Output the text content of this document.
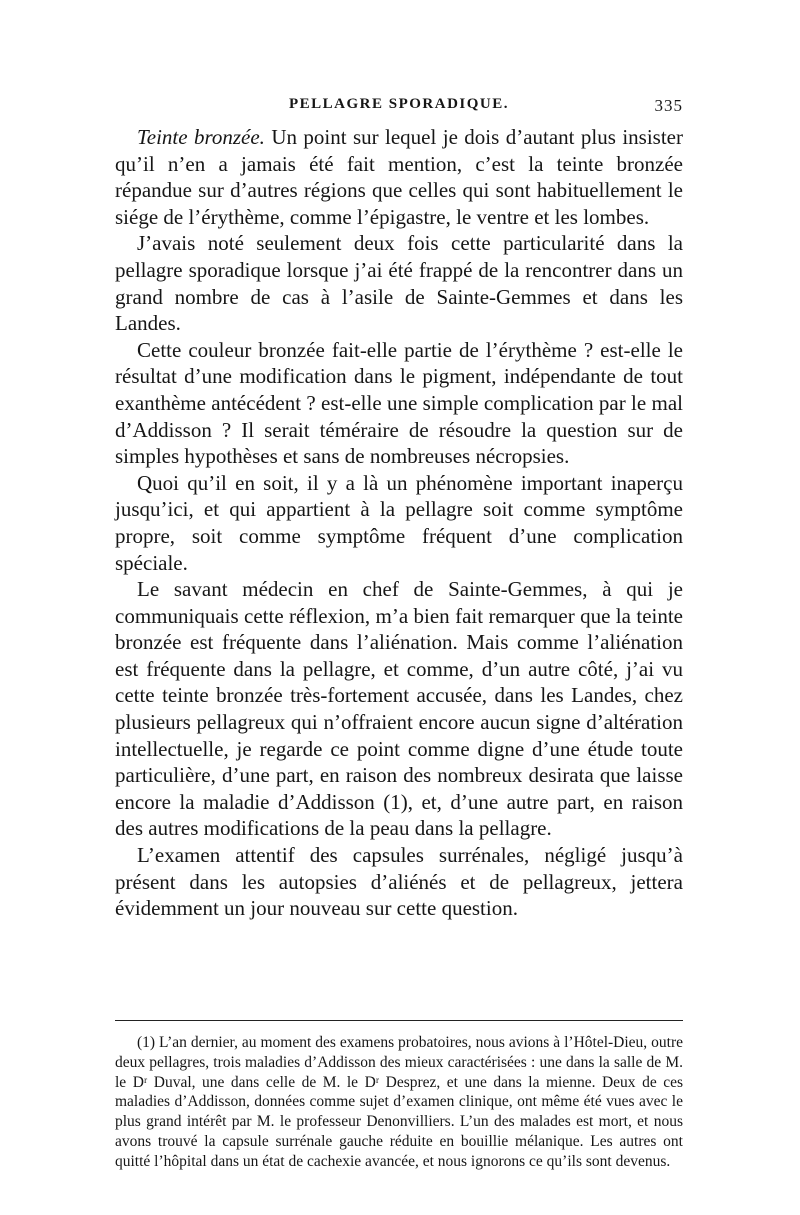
PELLAGRE SPORADIQUE.	335

Teinte bronzée. Un point sur lequel je dois d’autant plus insister qu’il n’en a jamais été fait mention, c’est la teinte bronzée répandue sur d’autres régions que celles qui sont habituellement le siége de l’érythème, comme l’épigastre, le ventre et les lombes.

J’avais noté seulement deux fois cette particularité dans la pellagre sporadique lorsque j’ai été frappé de la rencontrer dans un grand nombre de cas à l’asile de Sainte-Gemmes et dans les Landes.

Cette couleur bronzée fait-elle partie de l’érythème ? est-elle le résultat d’une modification dans le pigment, indépendante de tout exanthème antécédent ? est-elle une simple complication par le mal d’Addisson ? Il serait téméraire de résoudre la question sur de simples hypothèses et sans de nombreuses nécropsies.

Quoi qu’il en soit, il y a là un phénomène important inaperçu jusqu’ici, et qui appartient à la pellagre soit comme symptôme propre, soit comme symptôme fréquent d’une complication spéciale.

Le savant médecin en chef de Sainte-Gemmes, à qui je communiquais cette réflexion, m’a bien fait remarquer que la teinte bronzée est fréquente dans l’aliénation. Mais comme l’aliénation est fréquente dans la pellagre, et comme, d’un autre côté, j’ai vu cette teinte bronzée très-fortement accusée, dans les Landes, chez plusieurs pellagreux qui n’offraient encore aucun signe d’altération intellectuelle, je regarde ce point comme digne d’une étude toute particulière, d’une part, en raison des nombreux desirata que laisse encore la maladie d’Addisson (1), et, d’une autre part, en raison des autres modifications de la peau dans la pellagre.

L’examen attentif des capsules surrénales, négligé jusqu’à présent dans les autopsies d’aliénés et de pellagreux, jettera évidemment un jour nouveau sur cette question.

(1) L’an dernier, au moment des examens probatoires, nous avions à l’Hôtel-Dieu, outre deux pellagres, trois maladies d’Addisson des mieux caractérisées : une dans la salle de M. le Dʳ Duval, une dans celle de M. le Dʳ Desprez, et une dans la mienne. Deux de ces maladies d’Addisson, données comme sujet d’examen clinique, ont même été vues avec le plus grand intérêt par M. le professeur Denonvilliers. L’un des malades est mort, et nous avons trouvé la capsule surrénale gauche réduite en bouillie mélanique. Les autres ont quitté l’hôpital dans un état de cachexie avancée, et nous ignorons ce qu’ils sont devenus.
